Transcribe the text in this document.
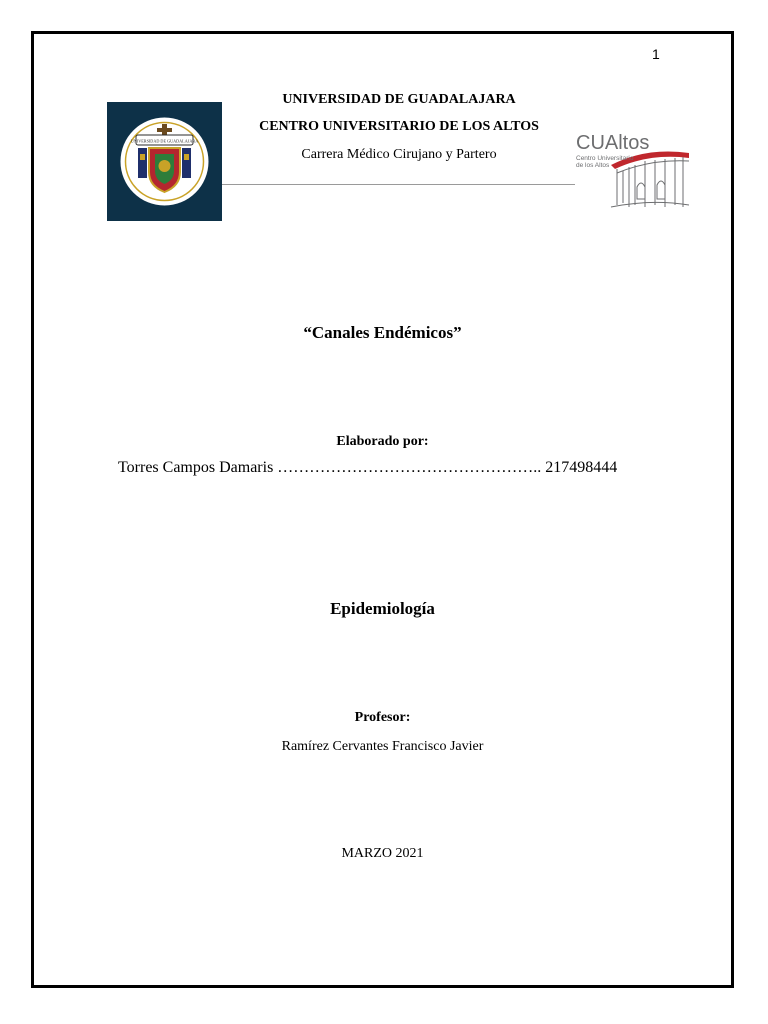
1
UNIVERSIDAD DE GUADALAJARA
UNIVERSIDAD DE GUADALAJARA
CENTRO UNIVERSITARIO DE LOS ALTOS
Carrera Médico Cirujano y Partero
CUAltos
Centro Universitario
de los Altos
“Canales Endémicos”
Elaborado por:
Torres Campos Damaris ………………………………………….. 217498444
Epidemiología
Profesor:
Ramírez Cervantes Francisco Javier
MARZO 2021
